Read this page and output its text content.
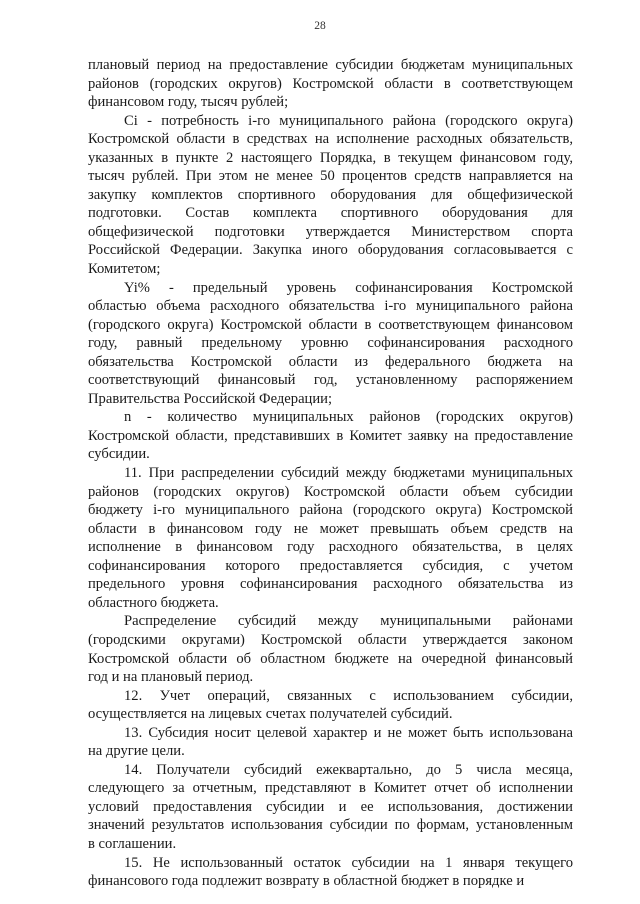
28
плановый период на предоставление субсидии бюджетам муниципальных
районов (городских округов) Костромской области в соответствующем
финансовом году, тысяч рублей;
Ci - потребность i-го муниципального района (городского округа)
Костромской области в средствах на исполнение расходных обязательств,
указанных в пункте 2 настоящего Порядка, в текущем финансовом году,
тысяч рублей. При этом не менее 50 процентов средств направляется на
закупку комплектов спортивного оборудования для общефизической
подготовки. Состав комплекта спортивного оборудования для
общефизической подготовки утверждается Министерством спорта
Российской Федерации. Закупка иного оборудования согласовывается с
Комитетом;
Yi% - предельный уровень софинансирования Костромской
областью объема расходного обязательства i-го муниципального района
(городского округа) Костромской области в соответствующем финансовом
году, равный предельному уровню софинансирования расходного
обязательства Костромской области из федерального бюджета на
соответствующий финансовый год, установленному распоряжением
Правительства Российской Федерации;
n - количество муниципальных районов (городских округов)
Костромской области, представивших в Комитет заявку на предоставление
субсидии.
11. При распределении субсидий между бюджетами муниципальных
районов (городских округов) Костромской области объем субсидии
бюджету i-го муниципального района (городского округа) Костромской
области в финансовом году не может превышать объем средств на
исполнение в финансовом году расходного обязательства, в целях
софинансирования которого предоставляется субсидия, с учетом
предельного уровня софинансирования расходного обязательства из
областного бюджета.
Распределение субсидий между муниципальными районами
(городскими округами) Костромской области утверждается законом
Костромской области об областном бюджете на очередной финансовый
год и на плановый период.
12. Учет операций, связанных с использованием субсидии,
осуществляется на лицевых счетах получателей субсидий.
13. Субсидия носит целевой характер и не может быть использована
на другие цели.
14. Получатели субсидий ежеквартально, до 5 числа месяца,
следующего за отчетным, представляют в Комитет отчет об исполнении
условий предоставления субсидии и ее использования, достижении
значений результатов использования субсидии по формам, установленным
в соглашении.
15. Не использованный остаток субсидии на 1 января текущего
финансового года подлежит возврату в областной бюджет в порядке и
